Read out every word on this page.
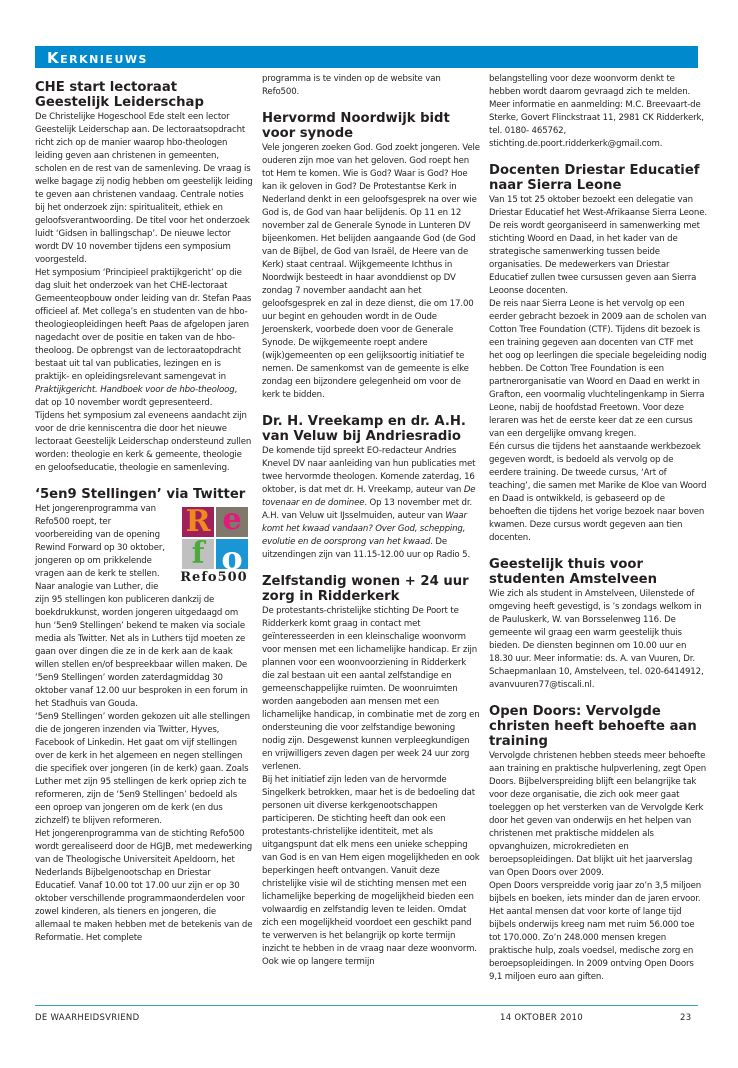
Kerknieuws
CHE start lectoraat Geestelijk Leiderschap

De Christelijke Hogeschool Ede stelt een lector Geestelijk Leiderschap aan. De lectoraatsopdracht richt zich op de manier waarop hbo-theologen leiding geven aan christenen in gemeenten, scholen en de rest van de samenleving. De vraag is welke bagage zij nodig hebben om geestelijk leiding te geven aan christenen vandaag. Centrale noties bij het onderzoek zijn: spiritualiteit, ethiek en geloofsverantwoording. De titel voor het onderzoek luidt ‘Gidsen in ballingschap’. De nieuwe lector wordt DV 10 november tijdens een symposium voorgesteld.

Het symposium ‘Principieel praktijkgericht’ op die dag sluit het onderzoek van het CHE-lectoraat Gemeenteopbouw onder leiding van dr. Stefan Paas officieel af. Met collega’s en studenten van de hbo-theologieopleidingen heeft Paas de afgelopen jaren nagedacht over de positie en taken van de hbo-theoloog. De opbrengst van de lectoraatopdracht bestaat uit tal van publicaties, lezingen en is praktijk- en opleidingsrelevant samengevat in Praktijkgericht. Handboek voor de hbo-theoloog, dat op 10 november wordt gepresenteerd.

Tijdens het symposium zal eveneens aandacht zijn voor de drie kenniscentra die door het nieuwe lectoraat Geestelijk Leiderschap ondersteund zullen worden: theologie en kerk & gemeente, theologie en geloofseducatie, theologie en samenleving.

‘5en9 Stellingen’ via Twitter

R e
f o
Refo500
Het jongerenprogramma van Refo500 roept, ter voorbereiding van de opening Rewind Forward op 30 oktober, jongeren op om prikkelende vragen aan de kerk te stellen. Naar analogie van Luther, die zijn 95 stellingen kon publiceren dankzij de boekdrukkunst, worden jongeren uitgedaagd om hun ‘5en9 Stellingen’ bekend te maken via sociale media als Twitter. Net als in Luthers tijd moeten ze gaan over dingen die ze in de kerk aan de kaak willen stellen en/of bespreekbaar willen maken. De ‘5en9 Stellingen’ worden zaterdagmiddag 30 oktober vanaf 12.00 uur besproken in een forum in het Stadhuis van Gouda.

‘5en9 Stellingen’ worden gekozen uit alle stellingen die de jongeren inzenden via Twitter, Hyves, Facebook of Linkedin. Het gaat om vijf stellingen over de kerk in het algemeen en negen stellingen die specifiek over jongeren (in de kerk) gaan. Zoals Luther met zijn 95 stellingen de kerk opriep zich te reformeren, zijn de ‘5en9 Stellingen’ bedoeld als een oproep van jongeren om de kerk (en dus zichzelf) te blijven reformeren.

Het jongerenprogramma van de stichting Refo500 wordt gerealiseerd door de HGJB, met medewerking van de Theologische Universiteit Apeldoorn, het Nederlands Bijbelgenootschap en Driestar Educatief. Vanaf 10.00 tot 17.00 uur zijn er op 30 oktober verschillende programmaonderdelen voor zowel kinderen, als tieners en jongeren, die allemaal te maken hebben met de betekenis van de Reformatie. Het complete

programma is te vinden op de website van Refo500.

Hervormd Noordwijk bidt voor synode

Vele jongeren zoeken God. God zoekt jongeren. Vele ouderen zijn moe van het geloven. God roept hen tot Hem te komen. Wie is God? Waar is God? Hoe kan ik geloven in God? De Protestantse Kerk in Nederland denkt in een geloofsgesprek na over wie God is, de God van haar belijdenis. Op 11 en 12 november zal de Generale Synode in Lunteren DV bijeenkomen. Het belijden aangaande God (de God van de Bijbel, de God van Israël, de Heere van de Kerk) staat centraal. Wijkgemeente Ichthus in Noordwijk besteedt in haar avonddienst op DV zondag 7 november aandacht aan het geloofsgesprek en zal in deze dienst, die om 17.00 uur begint en gehouden wordt in de Oude Jeroenskerk, voorbede doen voor de Generale Synode. De wijkgemeente roept andere (wijk)gemeenten op een gelijksoortig initiatief te nemen. De samenkomst van de gemeente is elke zondag een bijzondere gelegenheid om voor de kerk te bidden.

Dr. H. Vreekamp en dr. A.H. van Veluw bij Andriesradio

De komende tijd spreekt EO-redacteur Andries Knevel DV naar aanleiding van hun publicaties met twee hervormde theologen. Komende zaterdag, 16 oktober, is dat met dr. H. Vreekamp, auteur van De tovenaar en de dominee. Op 13 november met dr. A.H. van Veluw uit IJsselmuiden, auteur van Waar komt het kwaad vandaan? Over God, schepping, evolutie en de oorsprong van het kwaad. De uitzendingen zijn van 11.15-12.00 uur op Radio 5.

Zelfstandig wonen + 24 uur zorg in Ridderkerk

De protestants-christelijke stichting De Poort te Ridderkerk komt graag in contact met geïnteresseerden in een kleinschalige woonvorm voor mensen met een lichamelijke handicap. Er zijn plannen voor een woonvoorziening in Ridderkerk die zal bestaan uit een aantal zelfstandige en gemeenschappelijke ruimten. De woonruimten worden aangeboden aan mensen met een lichamelijke handicap, in combinatie met de zorg en ondersteuning die voor zelfstandige bewoning nodig zijn. Desgewenst kunnen verpleegkundigen en vrijwilligers zeven dagen per week 24 uur zorg verlenen.

Bij het initiatief zijn leden van de hervormde Singelkerk betrokken, maar het is de bedoeling dat personen uit diverse kerkgenootschappen participeren. De stichting heeft dan ook een protestants-christelijke identiteit, met als uitgangspunt dat elk mens een unieke schepping van God is en van Hem eigen mogelijkheden en ook beperkingen heeft ontvangen. Vanuit deze christelijke visie wil de stichting mensen met een lichamelijke beperking de mogelijkheid bieden een volwaardig en zelfstandig leven te leiden. Omdat zich een mogelijkheid voordoet een geschikt pand te verwerven is het belangrijk op korte termijn inzicht te hebben in de vraag naar deze woonvorm. Ook wie op langere termijn

belangstelling voor deze woonvorm denkt te hebben wordt daarom gevraagd zich te melden. Meer informatie en aanmelding: M.C. Breevaart-de Sterke, Govert Flinckstraat 11, 2981 CK Ridderkerk, tel. 0180- 465762, stichting.de.poort.ridderkerk@gmail.com.

Docenten Driestar Educatief naar Sierra Leone

Van 15 tot 25 oktober bezoekt een delegatie van Driestar Educatief het West-Afrikaanse Sierra Leone. De reis wordt georganiseerd in samenwerking met stichting Woord en Daad, in het kader van de strategische samenwerking tussen beide organisaties. De medewerkers van Driestar Educatief zullen twee cursussen geven aan Sierra Leoonse docenten.

De reis naar Sierra Leone is het vervolg op een eerder gebracht bezoek in 2009 aan de scholen van Cotton Tree Foundation (CTF). Tijdens dit bezoek is een training gegeven aan docenten van CTF met het oog op leerlingen die speciale begeleiding nodig hebben. De Cotton Tree Foundation is een partnerorganisatie van Woord en Daad en werkt in Grafton, een voormalig vluchtelingenkamp in Sierra Leone, nabij de hoofdstad Freetown. Voor deze leraren was het de eerste keer dat ze een cursus van een dergelijke omvang kregen.

Eén cursus die tijdens het aanstaande werkbezoek gegeven wordt, is bedoeld als vervolg op de eerdere training. De tweede cursus, ‘Art of teaching’, die samen met Marike de Kloe van Woord en Daad is ontwikkeld, is gebaseerd op de behoeften die tijdens het vorige bezoek naar boven kwamen. Deze cursus wordt gegeven aan tien docenten.

Geestelijk thuis voor studenten Amstelveen

Wie zich als student in Amstelveen, Uilenstede of omgeving heeft gevestigd, is ’s zondags welkom in de Pauluskerk, W. van Borsselenweg 116. De gemeente wil graag een warm geestelijk thuis bieden. De diensten beginnen om 10.00 uur en 18.30 uur. Meer informatie: ds. A. van Vuuren, Dr. Schaepmanlaan 10, Amstelveen, tel. 020-6414912, avanvuuren77@tiscali.nl.

Open Doors: Vervolgde christen heeft behoefte aan training

Vervolgde christenen hebben steeds meer behoefte aan training en praktische hulpverlening, zegt Open Doors. Bijbelverspreiding blijft een belangrijke tak voor deze organisatie, die zich ook meer gaat toeleggen op het versterken van de Vervolgde Kerk door het geven van onderwijs en het helpen van christenen met praktische middelen als opvanghuizen, microkredieten en beroepsopleidingen. Dat blijkt uit het jaarverslag van Open Doors over 2009.

Open Doors verspreidde vorig jaar zo’n 3,5 miljoen bijbels en boeken, iets minder dan de jaren ervoor. Het aantal mensen dat voor korte of lange tijd bijbels onderwijs kreeg nam met ruim 56.000 toe tot 170.000. Zo’n 248.000 mensen kregen praktische hulp, zoals voedsel, medische zorg en beroepsopleidingen. In 2009 ontving Open Doors 9,1 miljoen euro aan giften.

DE WAARHEIDSVRIEND	14 OKTOBER 2010	23
